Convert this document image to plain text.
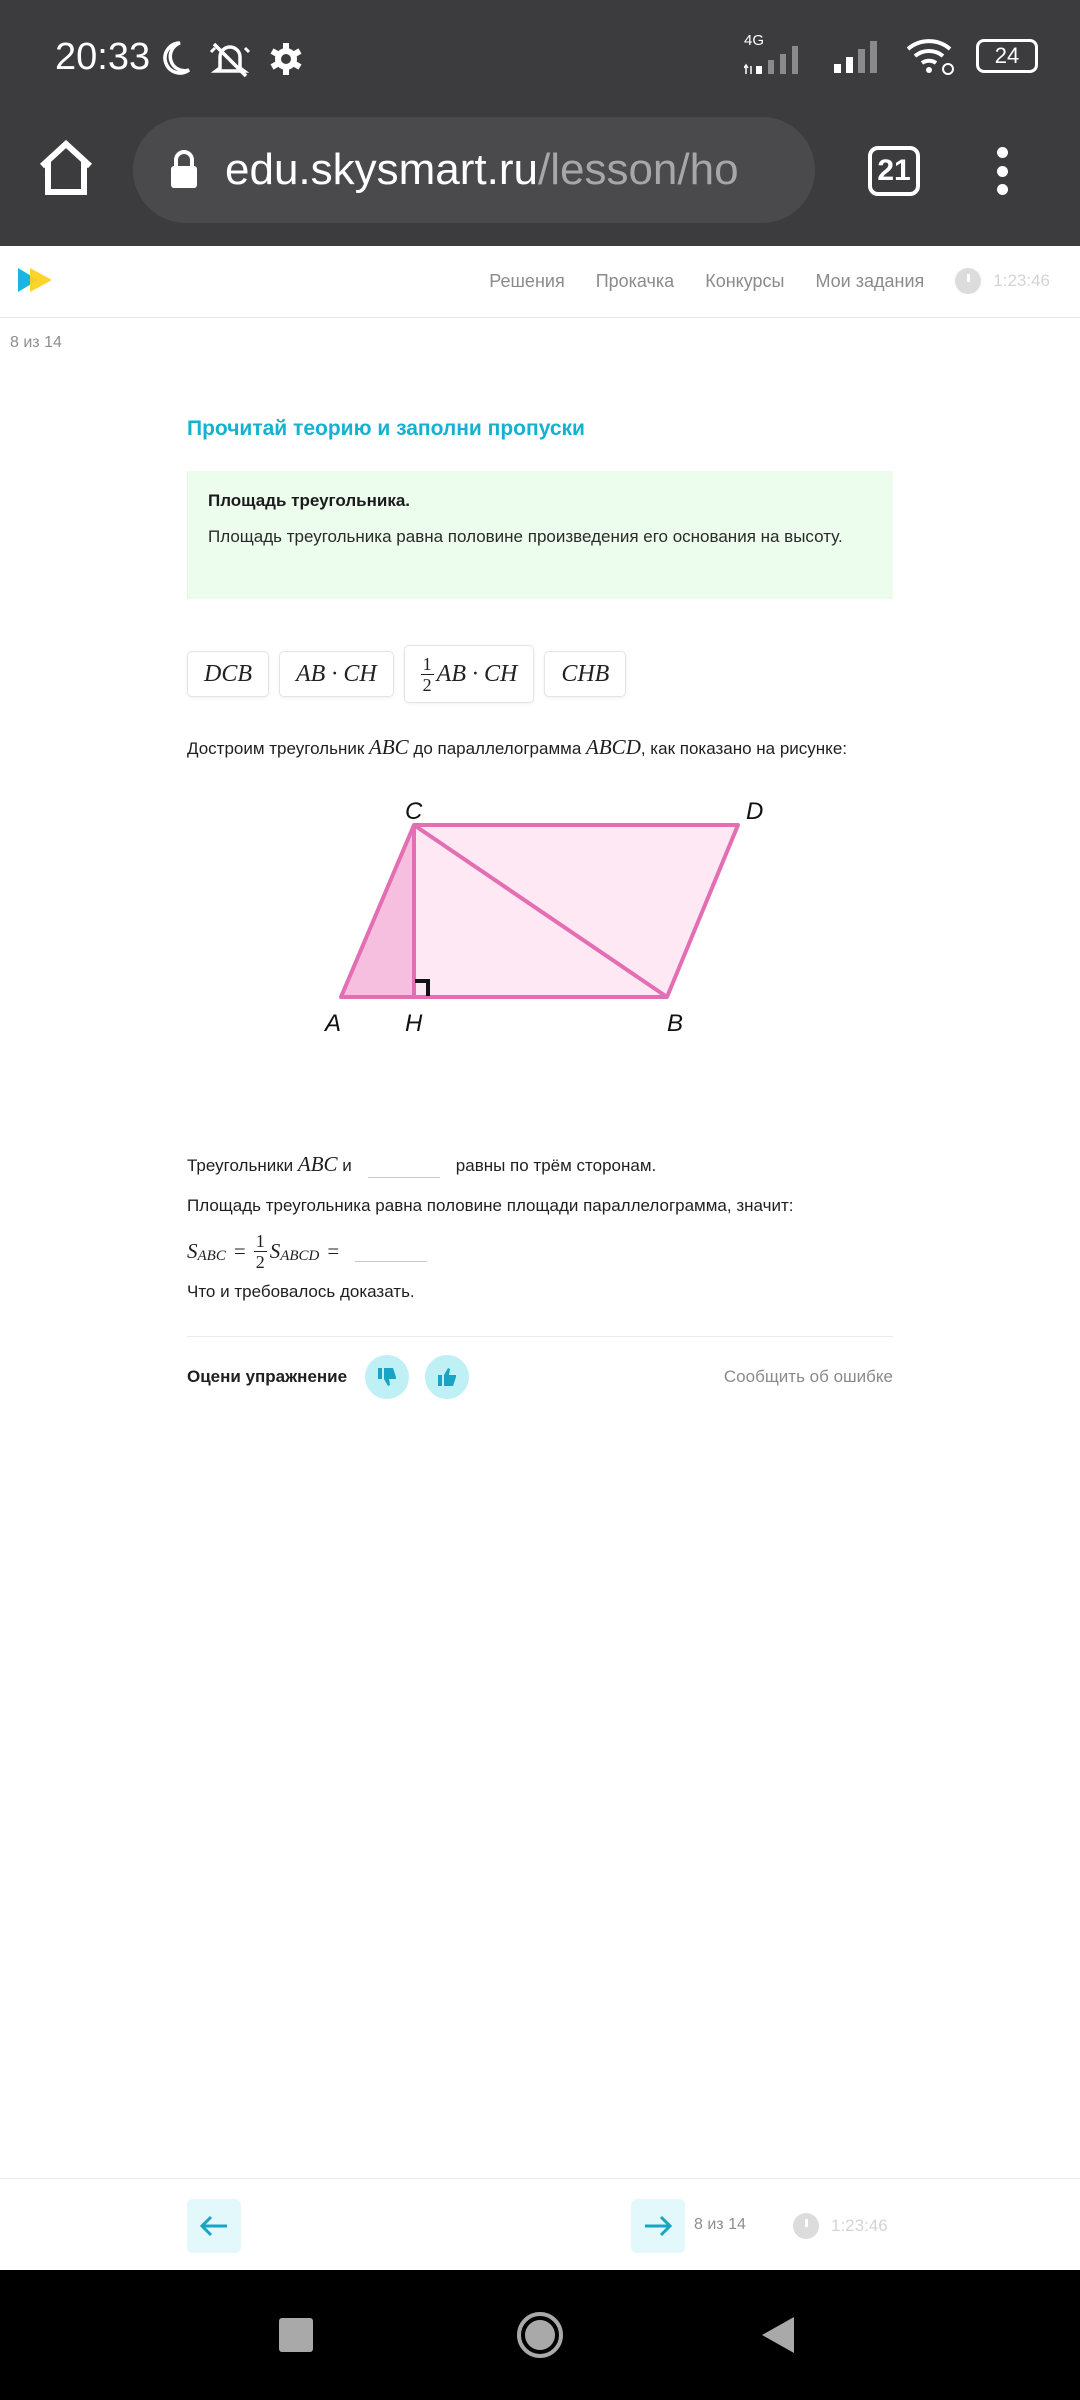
20:33	4G
24
edu.skysmart.ru/lesson/ho	21
Решения Прокачка Конкурсы Мои задания	1:23:46
8 из 14
Прочитай теорию и заполни пропуски
Площадь треугольника.
Площадь треугольника равна половине произведения его основания на высоту.
DCB AB · CH $\frac{1}{2}$ AB · CH CHB
Достроим треугольник ABC до параллелограмма ABCD, как показано на рисунке:
C	D
A	H	B
Треугольники ABC и	равны по трём сторонам.
Площадь треугольника равна половине площади параллелограмма, значит:
S ABC = $\frac{1}{2}$ S ABCD =
Что и требовалось доказать.
Оцени упражнение	Сообщить об ошибке
8 из 14	1:23:46
